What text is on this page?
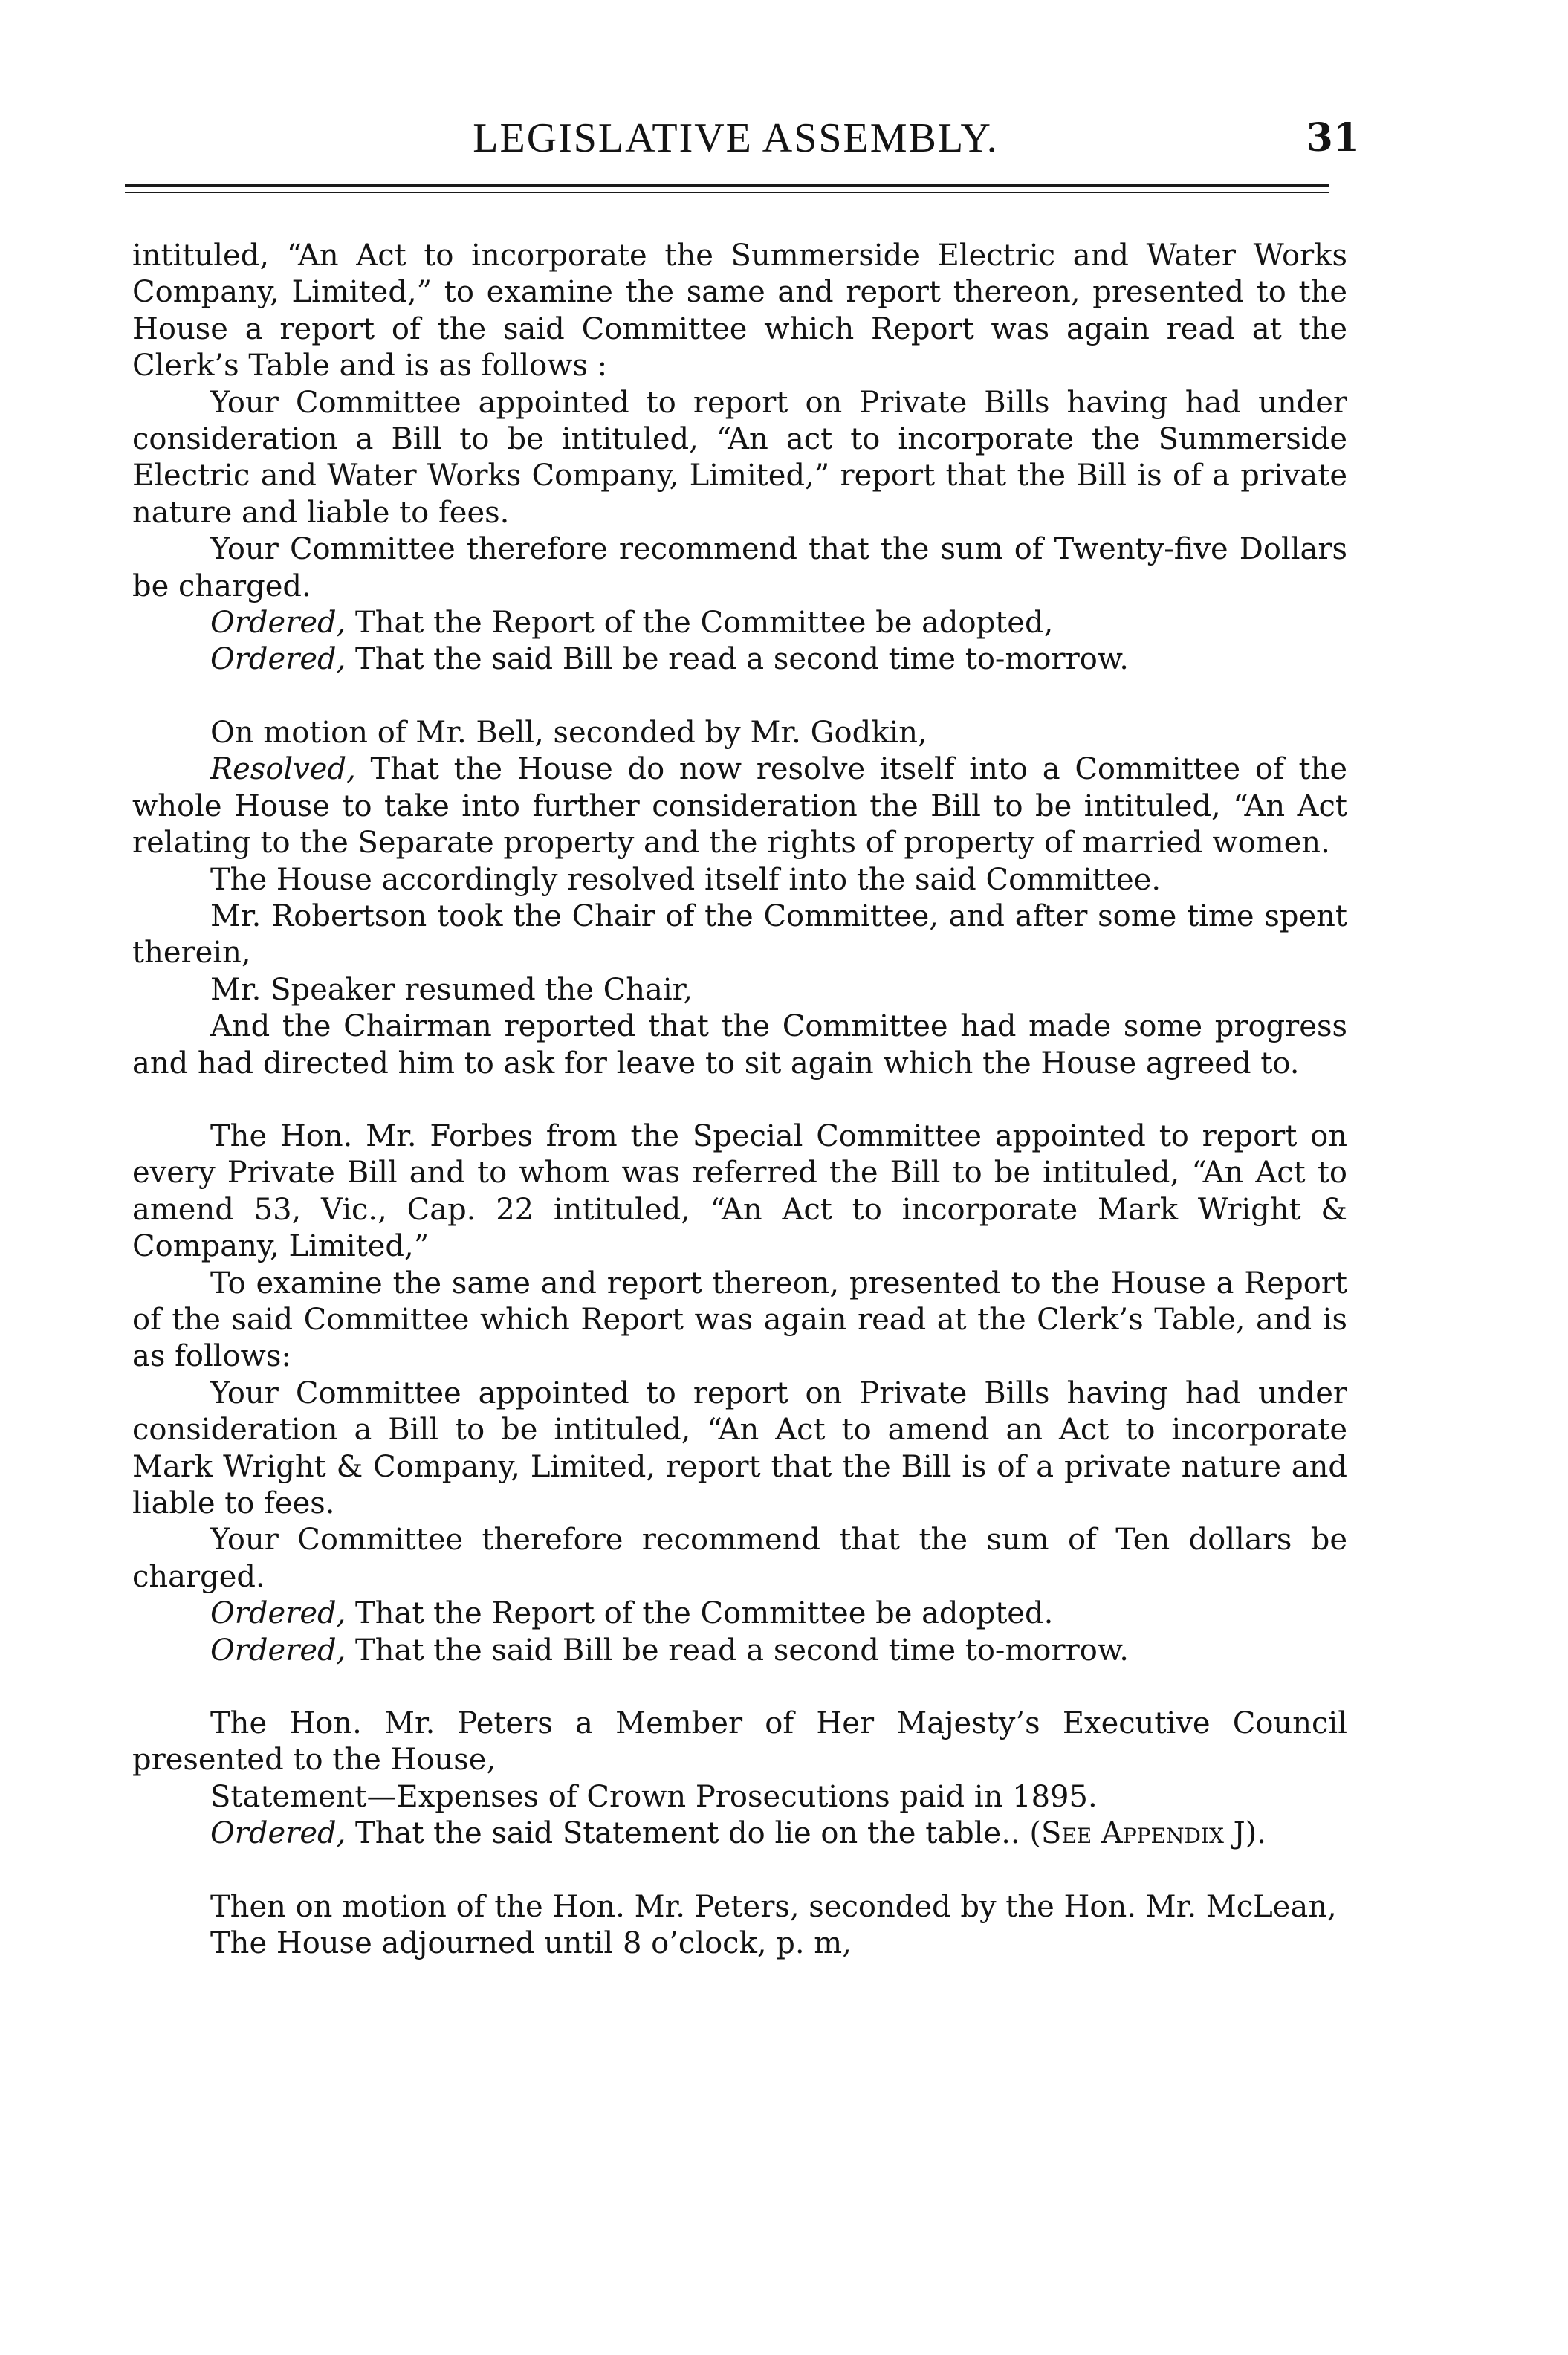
LEGISLATIVE ASSEMBLY.	31

intituled, “An Act to incorporate the Summerside Electric and Water Works Company, Limited,” to examine the same and report thereon, presented to the House a report of the said Committee which Report was again read at the Clerk’s Table and is as follows :

Your Committee appointed to report on Private Bills having had under consideration a Bill to be intituled, “An act to incorporate the Summerside Electric and Water Works Company, Limited,” report that the Bill is of a private nature and liable to fees.

Your Committee therefore recommend that the sum of Twenty-five Dollars be charged.

Ordered, That the Report of the Committee be adopted,

Ordered, That the said Bill be read a second time to-morrow.

On motion of Mr. Bell, seconded by Mr. Godkin,

Resolved, That the House do now resolve itself into a Committee of the whole House to take into further consideration the Bill to be intituled, “An Act relating to the Separate property and the rights of property of married women.

The House accordingly resolved itself into the said Committee.

Mr. Robertson took the Chair of the Committee, and after some time spent therein,

Mr. Speaker resumed the Chair,

And the Chairman reported that the Committee had made some progress and had directed him to ask for leave to sit again which the House agreed to.

The Hon. Mr. Forbes from the Special Committee appointed to report on every Private Bill and to whom was referred the Bill to be intituled, “An Act to amend 53, Vic., Cap. 22 intituled, “An Act to incorporate Mark Wright & Company, Limited,”

To examine the same and report thereon, presented to the House a Report of the said Committee which Report was again read at the Clerk’s Table, and is as follows:

Your Committee appointed to report on Private Bills having had under consideration a Bill to be intituled, “An Act to amend an Act to incorporate Mark Wright & Company, Limited, report that the Bill is of a private nature and liable to fees.

Your Committee therefore recommend that the sum of Ten dollars be charged.

Ordered, That the Report of the Committee be adopted.

Ordered, That the said Bill be read a second time to-morrow.

The Hon. Mr. Peters a Member of Her Majesty’s Executive Council presented to the House,

Statement—Expenses of Crown Prosecutions paid in 1895.

Ordered, That the said Statement do lie on the table.. (See Appendix J).

Then on motion of the Hon. Mr. Peters, seconded by the Hon. Mr. McLean,

The House adjourned until 8 o’clock, p. m,
